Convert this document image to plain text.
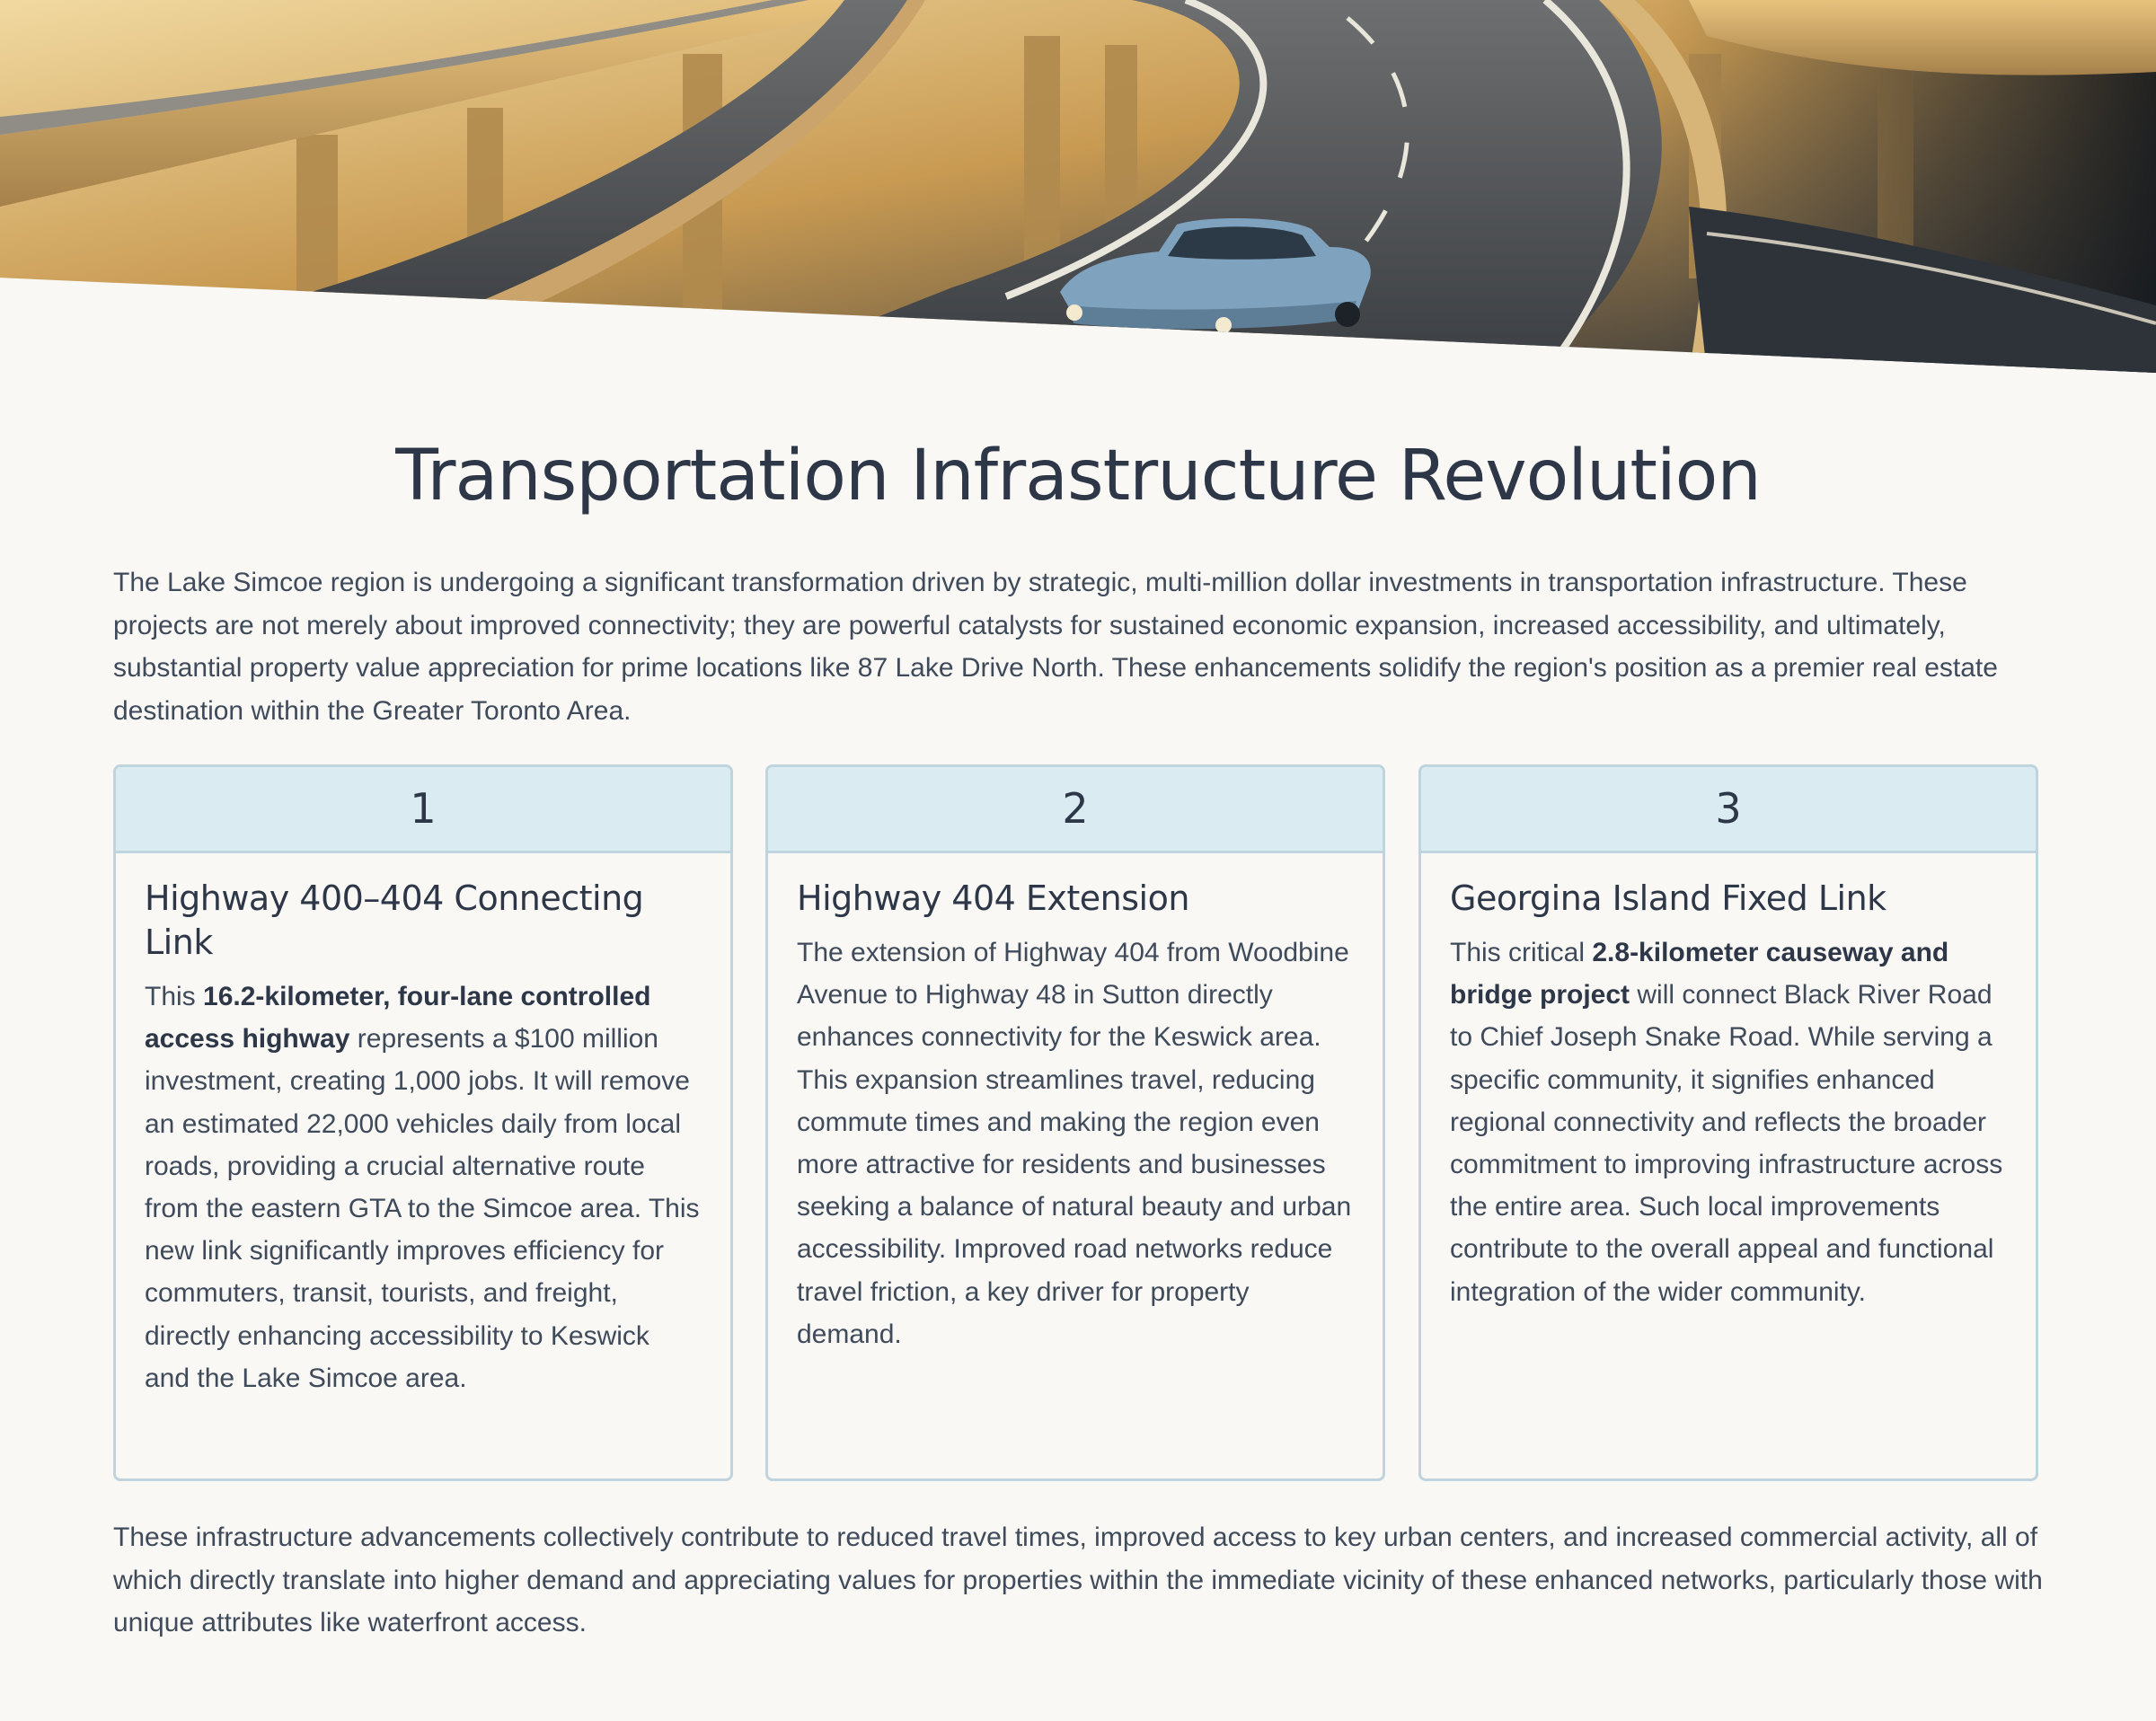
Transportation Infrastructure Revolution

The Lake Simcoe region is undergoing a significant transformation driven by strategic, multi-million dollar investments in transportation infrastructure. These projects are not merely about improved connectivity; they are powerful catalysts for sustained economic expansion, increased accessibility, and ultimately, substantial property value appreciation for prime locations like 87 Lake Drive North. These enhancements solidify the region's position as a premier real estate destination within the Greater Toronto Area.

1
Highway 400–404 Connecting Link

This 16.2-kilometer, four-lane controlled access highway represents a $100 million investment, creating 1,000 jobs. It will remove an estimated 22,000 vehicles daily from local roads, providing a crucial alternative route from the eastern GTA to the Simcoe area. This new link significantly improves efficiency for commuters, transit, tourists, and freight, directly enhancing accessibility to Keswick and the Lake Simcoe area.

2
Highway 404 Extension

The extension of Highway 404 from Woodbine Avenue to Highway 48 in Sutton directly enhances connectivity for the Keswick area. This expansion streamlines travel, reducing commute times and making the region even more attractive for residents and businesses seeking a balance of natural beauty and urban accessibility. Improved road networks reduce travel friction, a key driver for property demand.

3
Georgina Island Fixed Link

This critical 2.8-kilometer causeway and bridge project will connect Black River Road to Chief Joseph Snake Road. While serving a specific community, it signifies enhanced regional connectivity and reflects the broader commitment to improving infrastructure across the entire area. Such local improvements contribute to the overall appeal and functional integration of the wider community.

These infrastructure advancements collectively contribute to reduced travel times, improved access to key urban centers, and increased commercial activity, all of which directly translate into higher demand and appreciating values for properties within the immediate vicinity of these enhanced networks, particularly those with unique attributes like waterfront access.
